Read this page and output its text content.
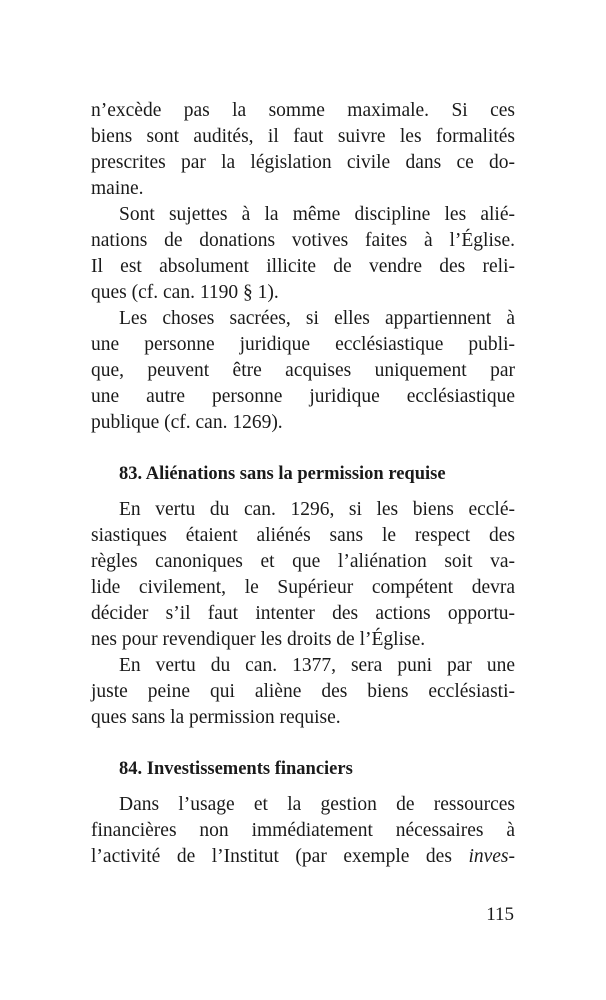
n’excède pas la somme maximale. Si ces
biens sont audités, il faut suivre les formalités
prescrites par la législation civile dans ce do-
maine.
Sont sujettes à la même discipline les alié-
nations de donations votives faites à l’Église.
Il est absolument illicite de vendre des reli-
ques (cf. can. 1190 § 1).
Les choses sacrées, si elles appartiennent à
une personne juridique ecclésiastique publi-
que, peuvent être acquises uniquement par
une autre personne juridique ecclésiastique
publique (cf. can. 1269).
83. Aliénations sans la permission requise
En vertu du can. 1296, si les biens ecclé-
siastiques étaient aliénés sans le respect des
règles canoniques et que l’aliénation soit va-
lide civilement, le Supérieur compétent devra
décider s’il faut intenter des actions opportu-
nes pour revendiquer les droits de l’Église.
En vertu du can. 1377, sera puni par une
juste peine qui aliène des biens ecclésiasti-
ques sans la permission requise.
84. Investissements financiers
Dans l’usage et la gestion de ressources
financières non immédiatement nécessaires à
l’activité de l’Institut (par exemple des inves-
115
